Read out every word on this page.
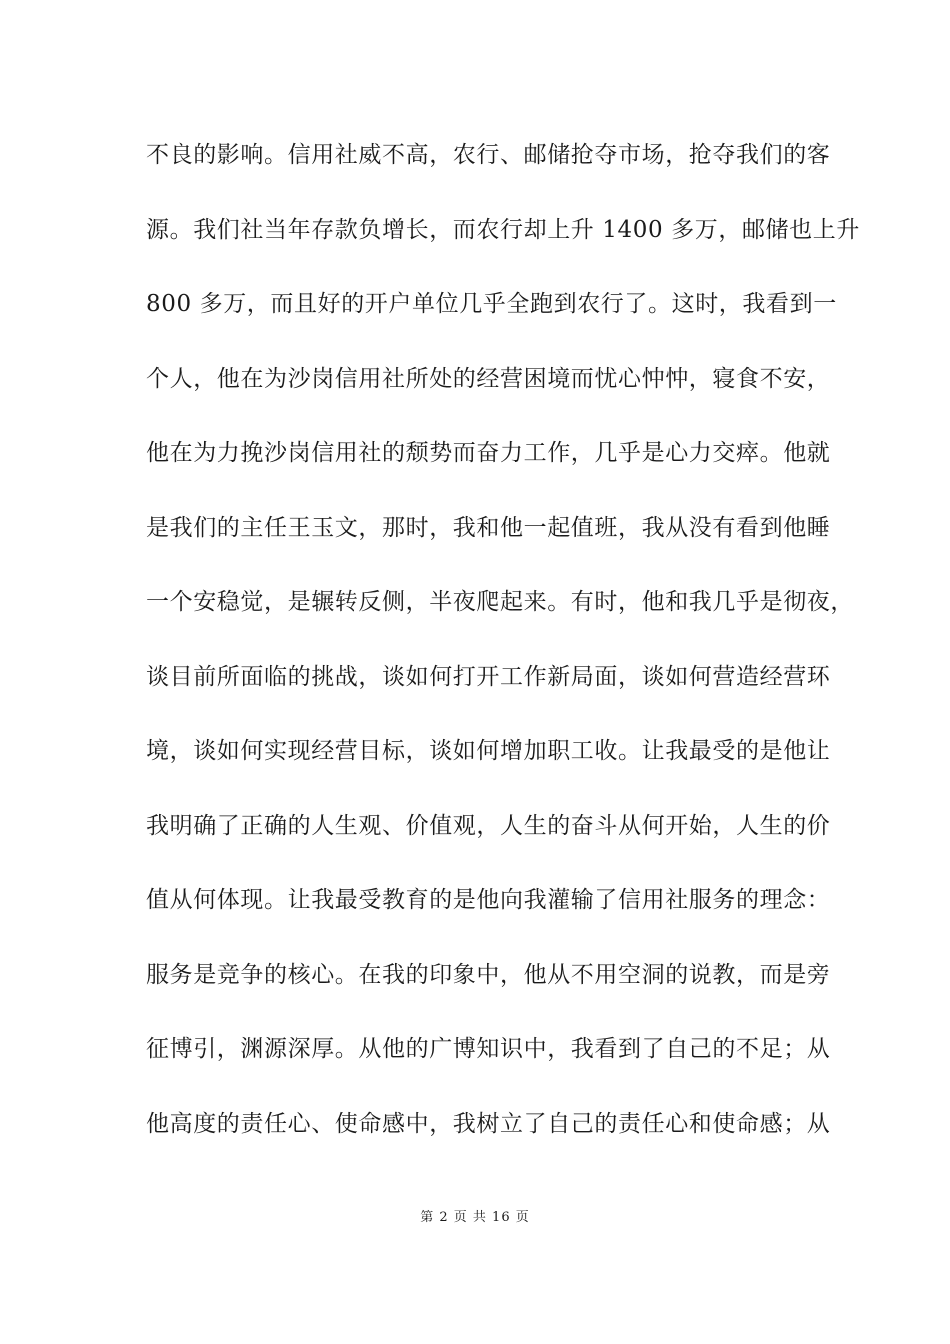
不良的影响。信用社威不高，农行、邮储抢夺市场，抢夺我们的客
源。我们社当年存款负增长，而农行却上升 1400 多万，邮储也上升
800 多万，而且好的开户单位几乎全跑到农行了。这时，我看到一
个人，他在为沙岗信用社所处的经营困境而忧心忡忡，寝食不安，
他在为力挽沙岗信用社的颓势而奋力工作，几乎是心力交瘁。他就
是我们的主任王玉文，那时，我和他一起值班，我从没有看到他睡
一个安稳觉，是辗转反侧，半夜爬起来。有时，他和我几乎是彻夜，
谈目前所面临的挑战，谈如何打开工作新局面，谈如何营造经营环
境，谈如何实现经营目标，谈如何增加职工收。让我最受的是他让
我明确了正确的人生观、价值观，人生的奋斗从何开始，人生的价
值从何体现。让我最受教育的是他向我灌输了信用社服务的理念：
服务是竞争的核心。在我的印象中，他从不用空洞的说教，而是旁
征博引，渊源深厚。从他的广博知识中，我看到了自己的不足；从
他高度的责任心、使命感中，我树立了自己的责任心和使命感；从
第 2 页 共 16 页
